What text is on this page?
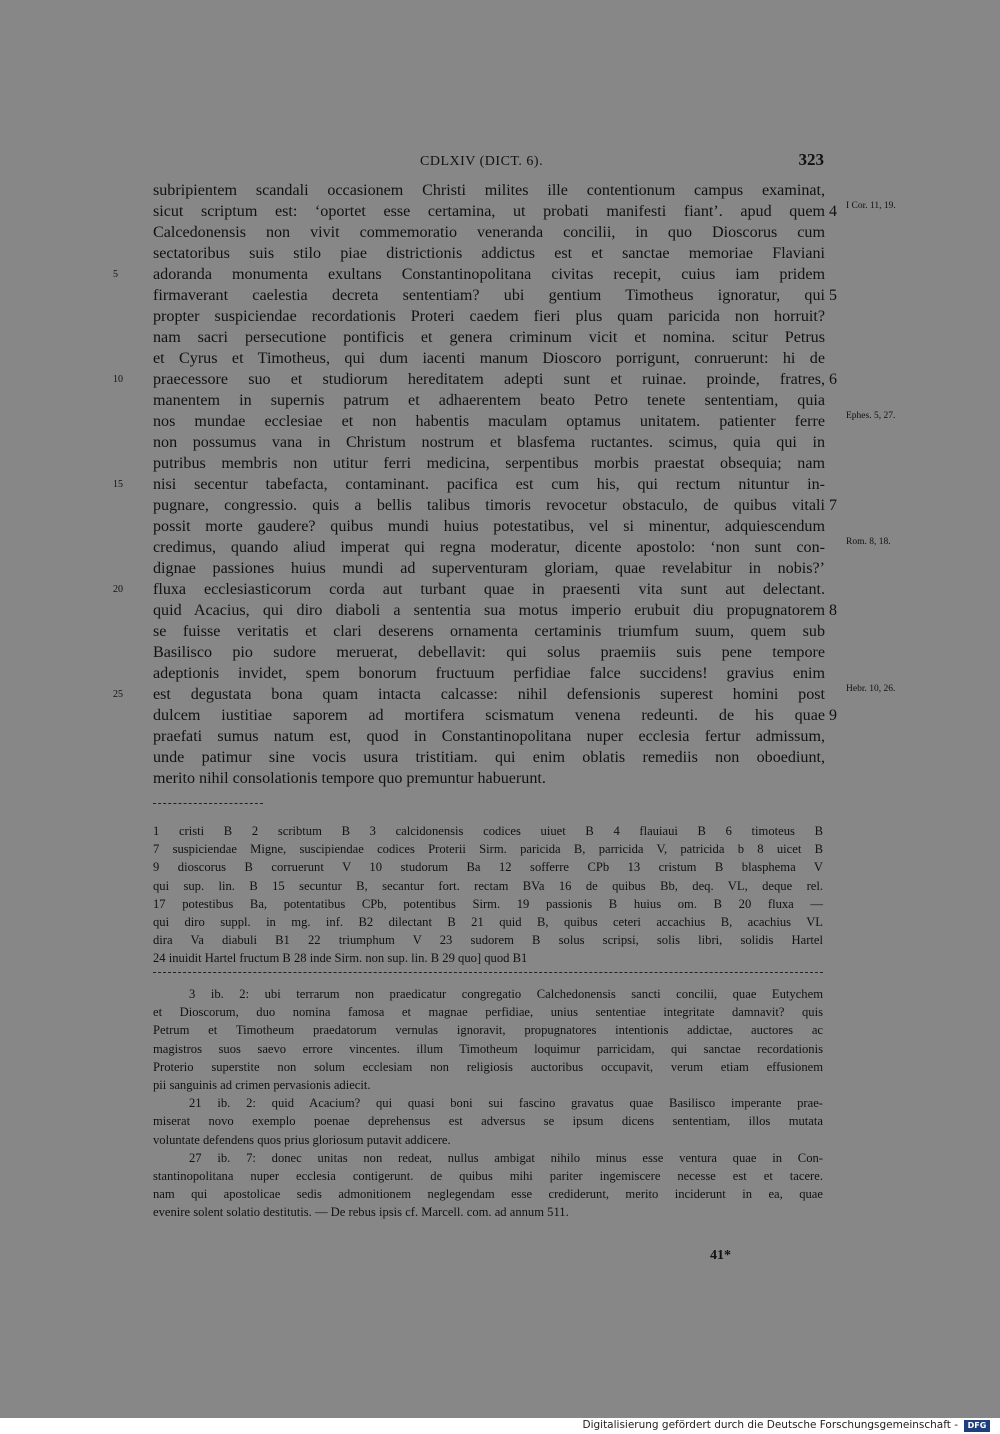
CDLXIV (DICT. 6).	323
subripientem scandali occasionem Christi milites ille contentionum campus examinat,
sicut scriptum est: ‘oportet esse certamina, ut probati manifesti fiant’. apud quem 4 I Cor. 11, 19.
Calcedonensis non vivit commemoratio veneranda concilii, in quo Dioscorus cum
sectatoribus suis stilo piae districtionis addictus est et sanctae memoriae Flaviani
adoranda monumenta exultans Constantinopolitana civitas recepit, cuius iam pridem
5
firmaverant caelestia decreta sententiam? ubi gentium Timotheus ignoratur, qui 5
propter suspiciendae recordationis Proteri caedem fieri plus quam paricida non horruit?
nam sacri persecutione pontificis et genera criminum vicit et nomina. scitur Petrus
et Cyrus et Timotheus, qui dum iacenti manum Dioscoro porrigunt, conruerunt: hi de
praecessore suo et studiorum hereditatem adepti sunt et ruinae. proinde, fratres,
10	6
manentem in supernis patrum et adhaerentem beato Petro tenete sententiam, quia
nos mundae ecclesiae et non habentis maculam optamus unitatem. patienter ferre Ephes. 5, 27.
non possumus vana in Christum nostrum et blasfema ructantes. scimus, quia qui in
putribus membris non utitur ferri medicina, serpentibus morbis praestat obsequia; nam
nisi secentur tabefacta, contaminant. pacifica est cum his, qui rectum nituntur in-
15
pugnare, congressio. quis a bellis talibus timoris revocetur obstaculo, de quibus vitali 7
possit morte gaudere? quibus mundi huius potestatibus, vel si minentur, adquiescendum
credimus, quando aliud imperat qui regna moderatur, dicente apostolo: ‘non sunt con- Rom. 8, 18.
dignae passiones huius mundi ad superventuram gloriam, quae revelabitur in nobis?’
fluxa ecclesiasticorum corda aut turbant quae in praesenti vita sunt aut delectant.
20
quid Acacius, qui diro diaboli a sententia sua motus imperio erubuit diu propugnatorem 8
se fuisse veritatis et clari deserens ornamenta certaminis triumfum suum, quem sub
Basilisco pio sudore meruerat, debellavit: qui solus praemiis suis pene tempore
adeptionis invidet, spem bonorum fructuum perfidiae falce succidens! gravius enim
est degustata bona quam intacta calcasse: nihil defensionis superest homini post
25	Hebr. 10, 26.
dulcem iustitiae saporem ad mortifera scismatum venena redeunti. de his quae 9
praefati sumus natum est, quod in Constantinopolitana nuper ecclesia fertur admissum,
unde patimur sine vocis usura tristitiam. qui enim oblatis remediis non oboediunt,
merito nihil consolationis tempore quo premuntur habuerunt.
1 cristi B 2 scribtum B 3 calcidonensis codices uiuet B 4 flauiaui B 6 timoteus B
7 suspiciendae Migne, suscipiendae codices Proterii Sirm. paricida B, parricida V, patricida b 8 uicet B
9 dioscorus B corruerunt V 10 studorum Ba 12 sofferre CPb 13 cristum B blasphema V
qui sup. lin. B 15 secuntur B, secantur fort. rectam BVa 16 de quibus Bb, deq. VL, deque rel.
17 potestibus Ba, potentatibus CPb, potentibus Sirm. 19 passionis B huius om. B 20 fluxa —
qui diro suppl. in mg. inf. B2 dilectant B 21 quid B, quibus ceteri accachius B, acachius VL
dira Va diabuli B1 22 triumphum V 23 sudorem B solus scripsi, solis libri, solidis Hartel
24 inuidit Hartel fructum B 28 inde Sirm. non sup. lin. B 29 quo] quod B1
3 ib. 2: ubi terrarum non praedicatur congregatio Calchedonensis sancti concilii, quae Eutychem
et Dioscorum, duo nomina famosa et magnae perfidiae, unius sententiae integritate damnavit? quis
Petrum et Timotheum praedatorum vernulas ignoravit, propugnatores intentionis addictae, auctores ac
magistros suos saevo errore vincentes. illum Timotheum loquimur parricidam, qui sanctae recordationis
Proterio superstite non solum ecclesiam non religiosis auctoribus occupavit, verum etiam effusionem
pii sanguinis ad crimen pervasionis adiecit.
21 ib. 2: quid Acacium? qui quasi boni sui fascino gravatus quae Basilisco imperante prae-
miserat novo exemplo poenae deprehensus est adversus se ipsum dicens sententiam, illos mutata
voluntate defendens quos prius gloriosum putavit addicere.
27 ib. 7: donec unitas non redeat, nullus ambigat nihilo minus esse ventura quae in Con-
stantinopolitana nuper ecclesia contigerunt. de quibus mihi pariter ingemiscere necesse est et tacere.
nam qui apostolicae sedis admonitionem neglegendam esse crediderunt, merito inciderunt in ea, quae
evenire solent solatio destitutis. — De rebus ipsis cf. Marcell. com. ad annum 511.
41*
Digitalisierung gefördert durch die Deutsche Forschungsgemeinschaft -	DFG
